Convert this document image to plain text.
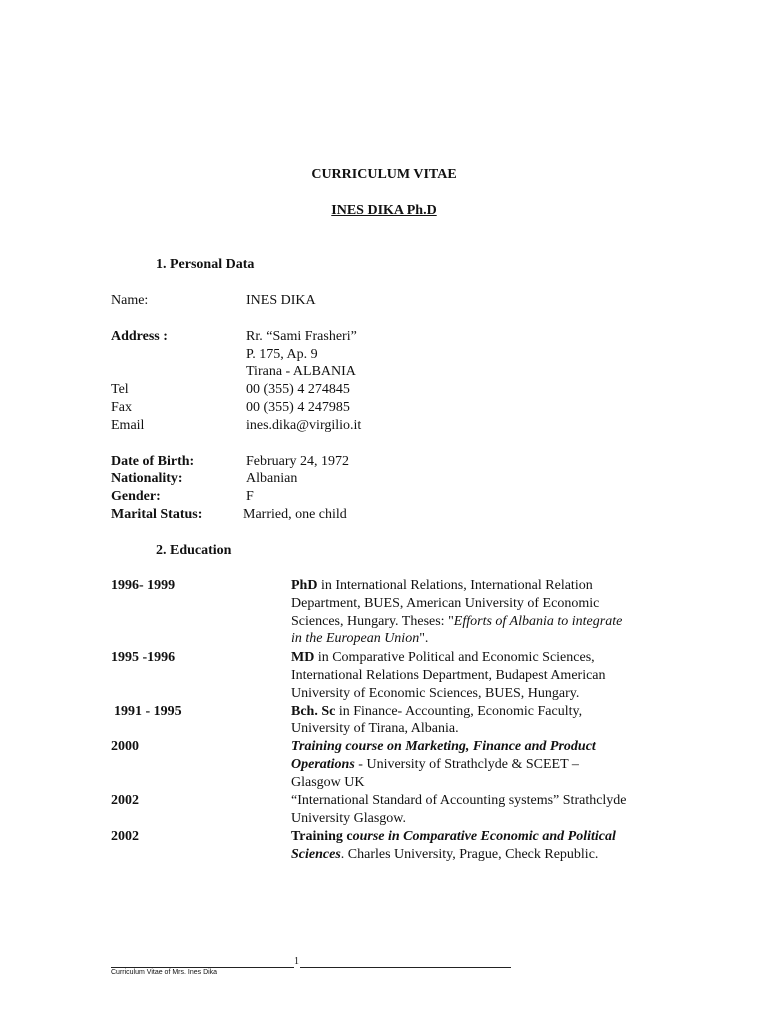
CURRICULUM VITAE
INES DIKA Ph.D
1. Personal Data
Name:	INES DIKA
Address :	Rr. “Sami Frasheri”
P. 175, Ap. 9
Tirana - ALBANIA
Tel	00 (355) 4 274845
Fax	00 (355) 4 247985
Email	ines.dika@virgilio.it
Date of Birth:	February 24, 1972
Nationality:	Albanian
Gender:	F
Marital Status:	Married, one child
2. Education
1996- 1999	PhD in International Relations, International Relation
Department, BUES, American University of Economic
Sciences, Hungary. Theses: "Efforts of Albania to integrate
in the European Union".
1995 -1996	MD in Comparative Political and Economic Sciences,
International Relations Department, Budapest American
University of Economic Sciences, BUES, Hungary.
1991 - 1995	Bch. Sc in Finance- Accounting, Economic Faculty,
University of Tirana, Albania.
2000	Training course on Marketing, Finance and Product
Operations - University of Strathclyde & SCEET –
Glasgow UK
2002	“International Standard of Accounting systems” Strathclyde
University Glasgow.
2002	Training course in Comparative Economic and Political
Sciences. Charles University, Prague, Check Republic.
1
Curriculum Vitae of Mrs. Ines Dika
